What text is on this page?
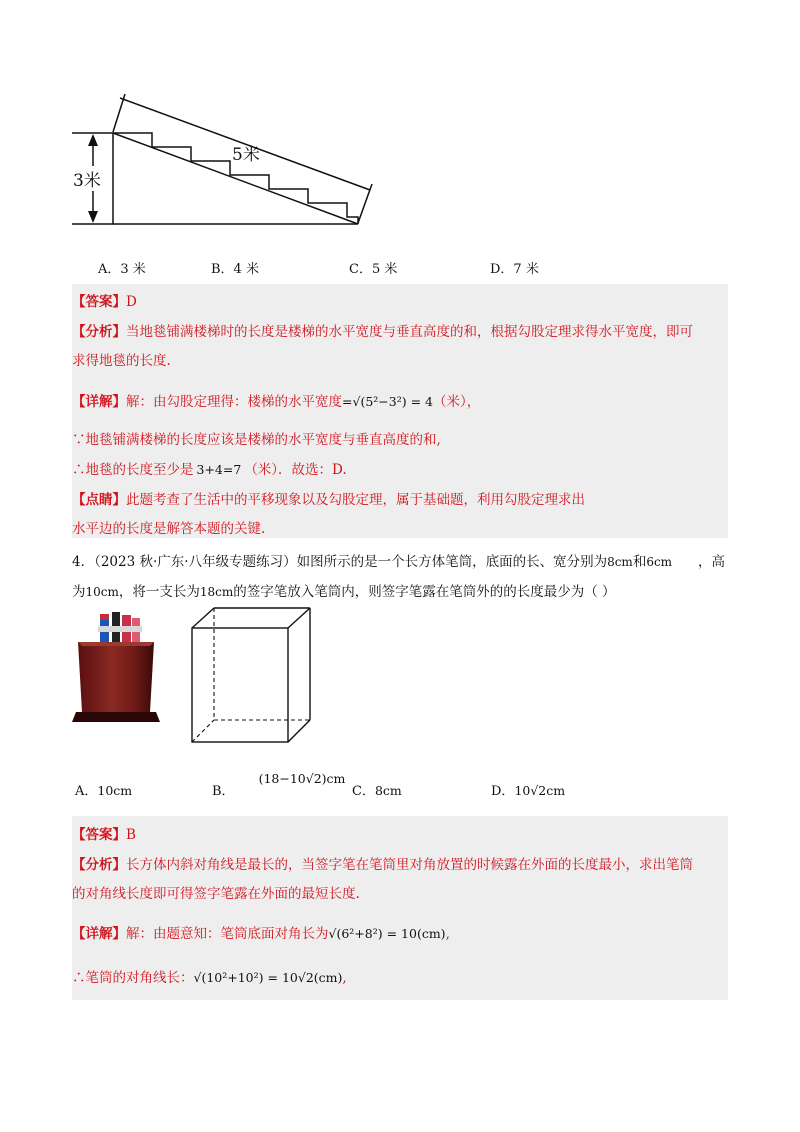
3米
5米
A．3 米	B．4 米	C．5 米	D．7 米
【答案】D
【分析】当地毯铺满楼梯时的长度是楼梯的水平宽度与垂直高度的和，根据勾股定理求得水平宽度，即可
求得地毯的长度.
【详解】解：由勾股定理得：楼梯的水平宽度=√(5²−3²) = 4（米），
∵地毯铺满楼梯的长度应该是楼梯的水平宽度与垂直高度的和,
∴地毯的长度至少是 3+4=7 （米）．故选：D.
【点睛】此题考查了生活中的平移现象以及勾股定理，属于基础题，利用勾股定理求出
水平边的长度是解答本题的关键.
4．（2023 秋·广东·八年级专题练习）如图所示的是一个长方体笔筒，底面的长、宽分别为8cm和6cm ，高
为10cm，将一支长为18cm的签字笔放入笔筒内，则签字笔露在笔筒外的的长度最少为（ ）
A．10cm	B．(18−10√2)cm
C．8cm	D．10√2cm
【答案】B
【分析】长方体内斜对角线是最长的，当签字笔在笔筒里对角放置的时候露在外面的长度最小，求出笔筒
的对角线长度即可得签字笔露在外面的最短长度.
【详解】解：由题意知：笔筒底面对角长为√(6²+8²) = 10(cm),
∴笔筒的对角线长：√(10²+10²) = 10√2(cm),
